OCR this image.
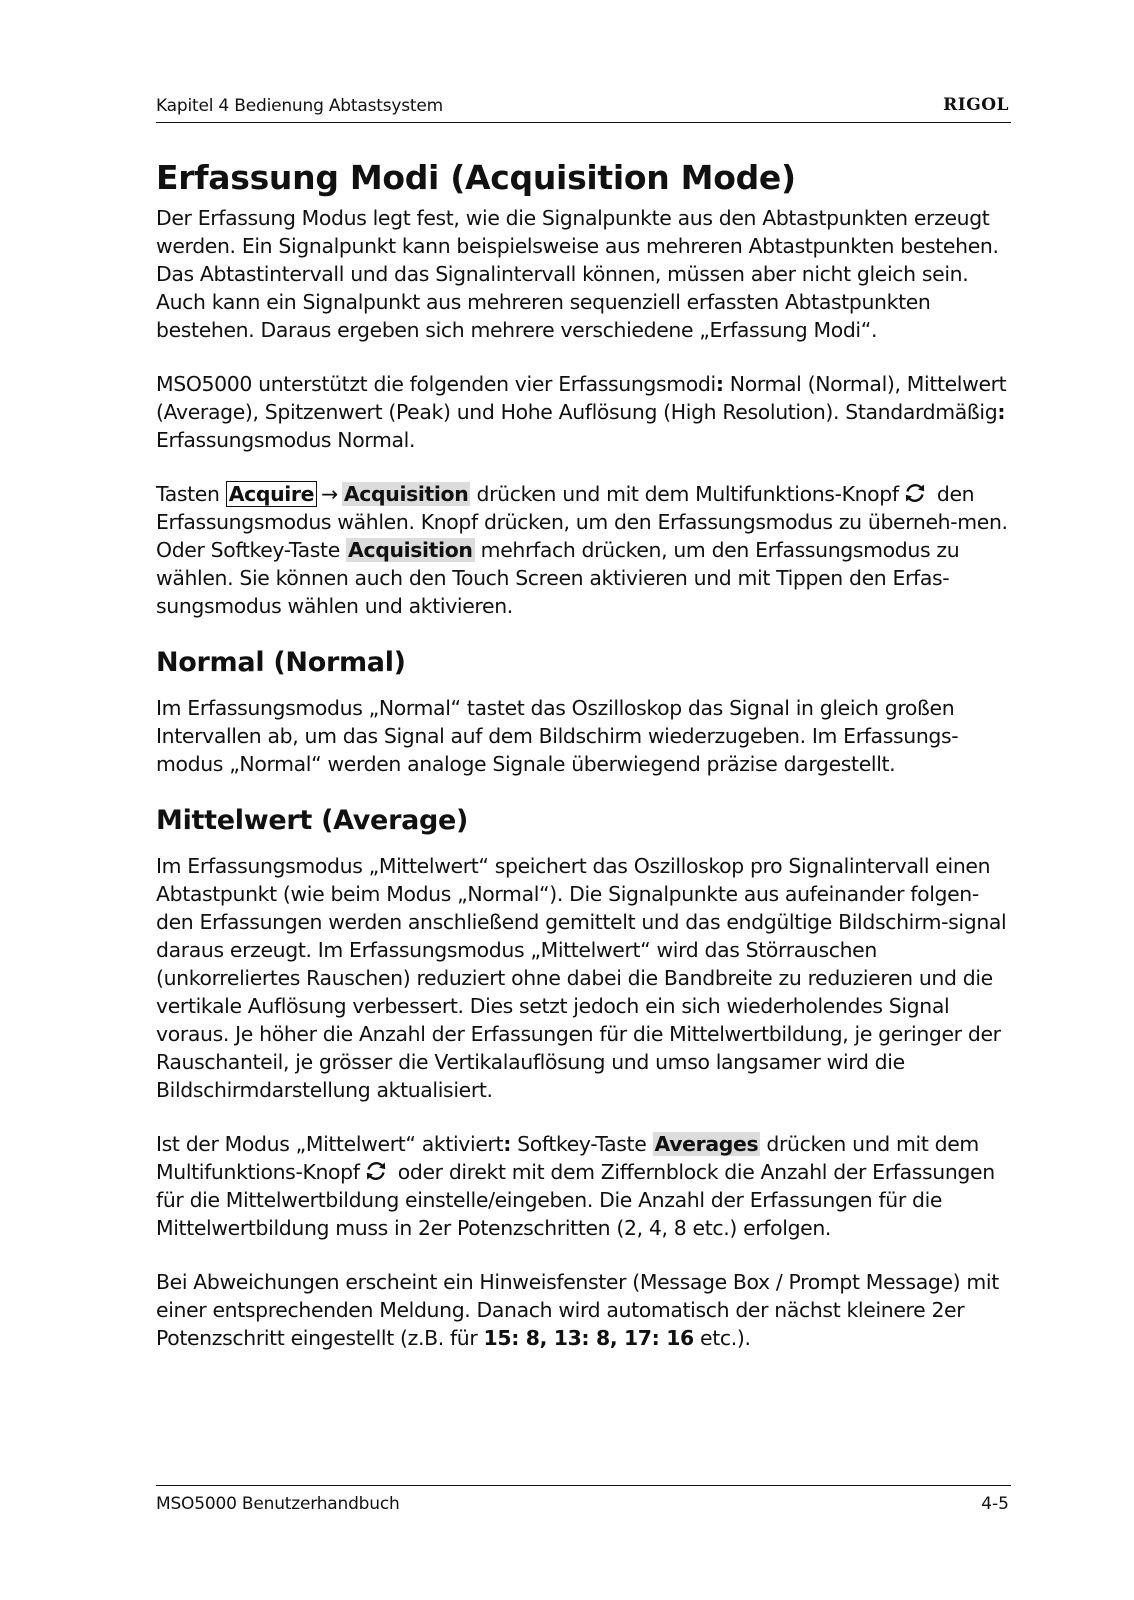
Kapitel 4 Bedienung Abtastsystem	RIGOL
Erfassung Modi (Acquisition Mode)

Der Erfassung Modus legt fest, wie die Signalpunkte aus den Abtastpunkten erzeugt werden. Ein Signalpunkt kann beispielsweise aus mehreren Abtastpunkten bestehen. Das Abtastintervall und das Signalintervall können, müssen aber nicht gleich sein. Auch kann ein Signalpunkt aus mehreren sequenziell erfassten Abtastpunkten bestehen. Daraus ergeben sich mehrere verschiedene „Erfassung Modi“.

MSO5000 unterstützt die folgenden vier Erfassungsmodi: Normal (Normal), Mittelwert (Average), Spitzenwert (Peak) und Hohe Auflösung (High Resolution). Standardmäßig: Erfassungsmodus Normal.

Tasten Acquire → Acquisition drücken und mit dem Multifunktions-Knopf den Erfassungsmodus wählen. Knopf drücken, um den Erfassungsmodus zu überneh-men. Oder Softkey-Taste Acquisition mehrfach drücken, um den Erfassungsmodus zu wählen. Sie können auch den Touch Screen aktivieren und mit Tippen den Erfas-sungsmodus wählen und aktivieren.

Normal (Normal)

Im Erfassungsmodus „Normal“ tastet das Oszilloskop das Signal in gleich großen Intervallen ab, um das Signal auf dem Bildschirm wiederzugeben. Im Erfassungs-modus „Normal“ werden analoge Signale überwiegend präzise dargestellt.

Mittelwert (Average)

Im Erfassungsmodus „Mittelwert“ speichert das Oszilloskop pro Signalintervall einen Abtastpunkt (wie beim Modus „Normal“). Die Signalpunkte aus aufeinander folgen-den Erfassungen werden anschließend gemittelt und das endgültige Bildschirm-signal daraus erzeugt. Im Erfassungsmodus „Mittelwert“ wird das Störrauschen (unkorreliertes Rauschen) reduziert ohne dabei die Bandbreite zu reduzieren und die vertikale Auflösung verbessert. Dies setzt jedoch ein sich wiederholendes Signal voraus. Je höher die Anzahl der Erfassungen für die Mittelwertbildung, je geringer der Rauschanteil, je grösser die Vertikalauflösung und umso langsamer wird die Bildschirmdarstellung aktualisiert.

Ist der Modus „Mittelwert“ aktiviert: Softkey-Taste Averages drücken und mit dem Multifunktions-Knopf oder direkt mit dem Ziffernblock die Anzahl der Erfassungen für die Mittelwertbildung einstelle/eingeben. Die Anzahl der Erfassungen für die Mittelwertbildung muss in 2er Potenzschritten (2, 4, 8 etc.) erfolgen.

Bei Abweichungen erscheint ein Hinweisfenster (Message Box / Prompt Message) mit einer entsprechenden Meldung. Danach wird automatisch der nächst kleinere 2er Potenzschritt eingestellt (z.B. für 15: 8, 13: 8, 17: 16 etc.).

MSO5000 Benutzerhandbuch	4-5
